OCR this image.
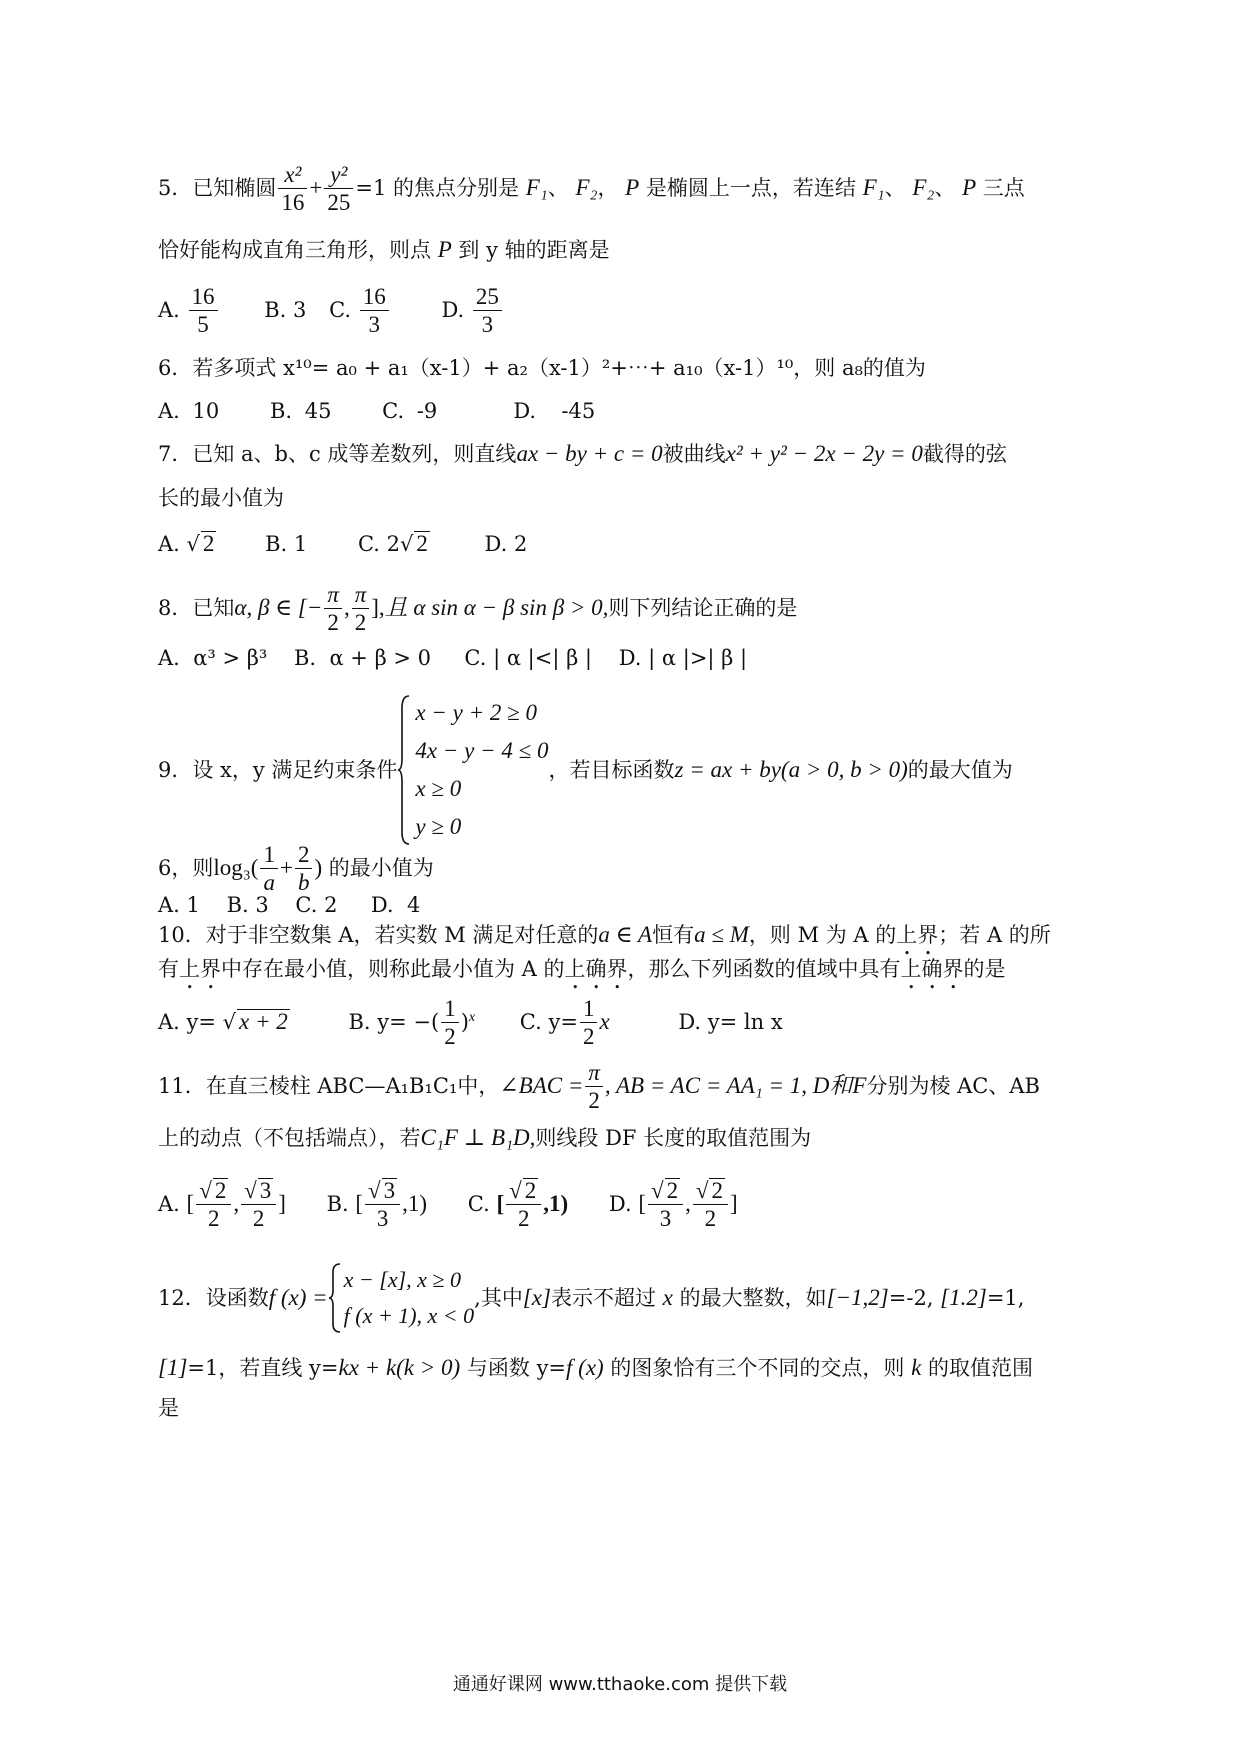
5．已知椭圆 $\frac{\text{x²}}{16} + \frac{\text{y²}}{25} =1$ 的焦点分别是 F₁、 F₂， P 是椭圆上一点，若连结 F₁、 F₂、 P 三点
恰好能构成直角三角形，则点 P 到 y 轴的距离是
A. $\frac{16}{5} B$. 3 C. $\frac{16}{3}$	D. $\frac{25}{3}$
6．若多项式 x¹⁰= a₀ + a₁（x-1）+ a₂（x-1）²+⋯+ a₁₀（x-1）¹⁰，则 a₈的值为
A. 10    B. 45    C. -9      D.  -45
7．已知 a、b、c 成等差数列，则直线ax − by + c = 0被曲线x² + y² − 2x − 2y = 0截得的弦
长的最小值为
A. √ 2 B. 1 C. 2√ 2	D. 2
8．已知α, β ∈ [− $\frac{\pi}{2}$ , $\frac{\pi}{2}$ ],且 α sin α − β sin β > 0,则下列结论正确的是
A.  α³ > β³    B.  α + β > 0     C. | α |<| β |    D. | α |>| β |
9．设 x，y 满足约束条件
x − y + 2 ≥ 0
4x − y − 4 ≤ 0
x ≥ 0
y ≥ 0
，若目标函数z = ax + by(a > 0, b > 0)的最大值为
6，则$\log_3( \frac{1}{a} + \frac{2}{b}$ ) 的最小值为
A. 1    B. 3    C. 2     D.  4
10．对于非空数集 A，若实数 M 满足对任意的a ∈ A恒有a ≤ M，则 M 为 A 的上界；若 A 的所
有上界中存在最小值，则称此最小值为 A 的上确界，那么下列函数的值域中具有上确界的是
A. y= √ x + 2	B. y= −( $\frac{1}{2} )^x$ C. $y= \frac{1}{2}$ x	D. y= ln x
11．在直三棱柱 ABC—A₁B₁C₁中，∠BAC = $\frac{\pi}{2}$ , AB = AC = AA₁ = 1, D和F分别为棱 AC、AB
上的动点（不包括端点），若C₁F ⊥ B₁D,则线段 DF 长度的取值范围为
A. [ $\frac{√ 2}{2}$ , $\frac{√ 3}{2}$ ] B. [ $\frac{√ 3}{3} ,1$) C. [ $\frac{√ 2}{2} ,1$) D. [ $\frac{√ 2}{3}$ , $\frac{√ 2}{2}$ ]
12．设函数f (x) =
x − [x], x ≥ 0
f (x + 1), x < 0
,其中[x]表示不超过 x 的最大整数，如[−1,2]=-2, [1.2]=1,
[1]=1，若直线 y=kx + k(k > 0) 与函数 y=f (x) 的图象恰有三个不同的交点，则 k 的取值范围
是
通通好课网 www.tthaoke.com 提供下载
